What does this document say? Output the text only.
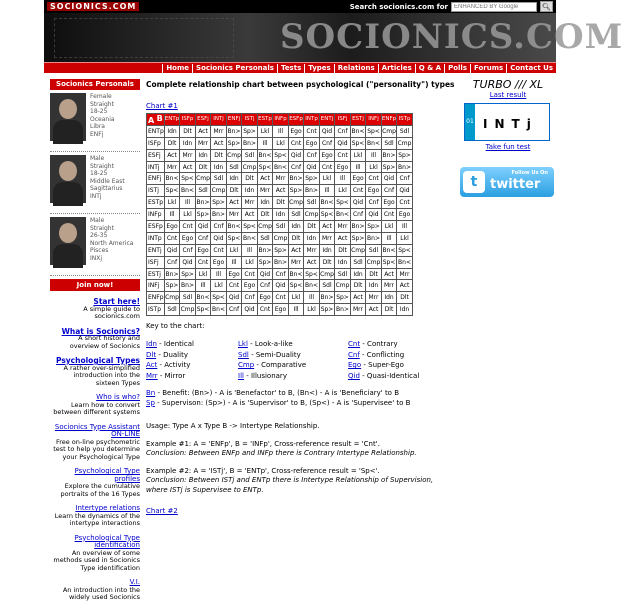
SOCIONICS.COM	Search socionics.com for
ENHANCED BY Google	🔍︎
SOCIONICS.COM
Home	Socionics Personals	Tests	Types	Relations	Articles	Q & A	Polls	Forums	Contact Us
Socionics Personals
Female
Straight
18-25
Oceania
Libra
ENFj
Male
Straight
18-25
Middle East
Sagittarius
INTj
Male
Straight
26-35
North America
Pisces
INXj
Join now!
Start here!
A simple guide to socionics.com
What is Socionics?
A short history and overview of Socionics
Psychological Types
A rather over-simplified introduction into the sixteen Types
Who is who?
Learn how to convert between different systems
Socionics Type Assistant ON-LINE
Free on-line psychometric test to help you determine your Psychological Type
Psychological Type profiles
Explore the cumulative portraits of the 16 Types
Intertype relations
Learn the dynamics of the intertype interactions
Psychological Type identification
An overview of some methods used in Socionics Type identification
V.I.
An introduction into the widely used Socionics
Complete relationship chart between psychological ("personality") types
Chart #1
A B	ENTp	ISFp	ESFj	INTj	ENFj	ISTj	ESTp	INFp	ESFp	INTp	ENTj	ISFj	ESTj	INFj	ENFp	ISTp
ENTp	Idn	Dlt	Act	Mrr	Bn>	Sp>	Lkl	Ill	Ego	Cnt	Qid	Cnf	Bn<	Sp<	Cmp	Sdl
ISFp	Dlt	Idn	Mrr	Act	Sp>	Bn>	Ill	Lkl	Cnt	Ego	Cnf	Qid	Sp<	Bn<	Sdl	Cmp
ESFj	Act	Mrr	Idn	Dlt	Cmp	Sdl	Bn<	Sp<	Qid	Cnf	Ego	Cnt	Lkl	Ill	Bn>	Sp>
INTj	Mrr	Act	Dlt	Idn	Sdl	Cmp	Sp<	Bn<	Cnf	Qid	Cnt	Ego	Ill	Lkl	Sp>	Bn>
ENFj	Bn<	Sp<	Cmp	Sdl	Idn	Dlt	Act	Mrr	Bn>	Sp>	Lkl	Ill	Ego	Cnt	Qid	Cnf
ISTj	Sp<	Bn<	Sdl	Cmp	Dlt	Idn	Mrr	Act	Sp>	Bn>	Ill	Lkl	Cnt	Ego	Cnf	Qid
ESTp	Lkl	Ill	Bn>	Sp>	Act	Mrr	Idn	Dlt	Cmp	Sdl	Bn<	Sp<	Qid	Cnf	Ego	Cnt
INFp	Ill	Lkl	Sp>	Bn>	Mrr	Act	Dlt	Idn	Sdl	Cmp	Sp<	Bn<	Cnf	Qid	Cnt	Ego
ESFp	Ego	Cnt	Qid	Cnf	Bn<	Sp<	Cmp	Sdl	Idn	Dlt	Act	Mrr	Bn>	Sp>	Lkl	Ill
INTp	Cnt	Ego	Cnf	Qid	Sp<	Bn<	Sdl	Cmp	Dlt	Idn	Mrr	Act	Sp>	Bn>	Ill	Lkl
ENTj	Qid	Cnf	Ego	Cnt	Lkl	Ill	Bn>	Sp>	Act	Mrr	Idn	Dlt	Cmp	Sdl	Bn<	Sp<
ISFj	Cnf	Qid	Cnt	Ego	Ill	Lkl	Sp>	Bn>	Mrr	Act	Dlt	Idn	Sdl	Cmp	Sp<	Bn<
ESTj	Bn>	Sp>	Lkl	Ill	Ego	Cnt	Qid	Cnf	Bn<	Sp<	Cmp	Sdl	Idn	Dlt	Act	Mrr
INFj	Sp>	Bn>	Ill	Lkl	Cnt	Ego	Cnf	Qid	Sp<	Bn<	Sdl	Cmp	Dlt	Idn	Mrr	Act
ENFp	Cmp	Sdl	Bn<	Sp<	Qid	Cnf	Ego	Cnt	Lkl	Ill	Bn>	Sp>	Act	Mrr	Idn	Dlt
ISTp	Sdl	Cmp	Sp<	Bn<	Cnf	Qid	Cnt	Ego	Ill	Lkl	Sp>	Bn>	Mrr	Act	Dlt	Idn
Key to the chart:
Idn - Identical	Lkl - Look-a-like	Cnt - Contrary
Dlt - Duality	Sdl - Semi-Duality	Cnf - Conflicting
Act - Activity	Cmp - Comparative	Ego - Super-Ego
Mrr - Mirror	Ill - Illusionary	Qid - Quasi-Identical
Bn - Benefit: (Bn>) - A is 'Benefactor' to B, (Bn<) - A is 'Beneficiary' to B
Sp - Supervison: (Sp>) - A is 'Supervisor' to B, (Sp<) - A is 'Supervisee' to B
Usage: Type A x Type B -> Intertype Relationship.
Example #1: A = 'ENFp', B = 'INFp', Cross-reference result = 'Cnt'.
Conclusion: Between ENFp and INFp there is Contrary Intertype Relationship.
Example #2: A = 'ISTj', B = 'ENTp', Cross-reference result = 'Sp<'.
Conclusion: Between ISTj and ENTp there is Intertype Relationship of Supervision, where ISTj is Supervisee to ENTp.
Chart #2
TURBO /// XL
Last result
01 INTj
Take fun test
t
Follow Us On
twitter
